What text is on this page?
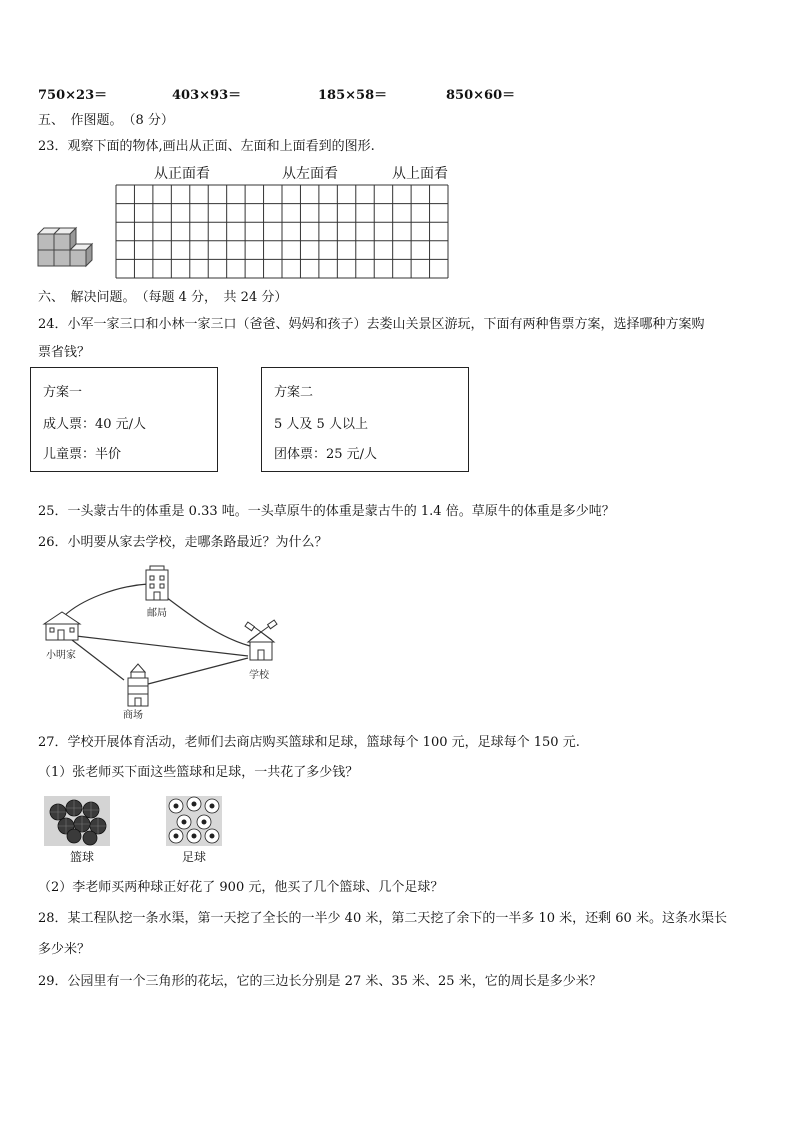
750×23＝	403×93＝	185×58＝	850×60＝
五、　作图题。　（8 分）
23．观察下面的物体,画出从正面、左面和上面看到的图形.
从正面看	从左面看	从上面看
六、　解决问题。　（每题 4 分，　共 24 分）
24．小军一家三口和小林一家三口（爸爸、妈妈和孩子）去娄山关景区游玩，下面有两种售票方案，选择哪种方案购
票省钱？
方案一
成人票：40 元/人
儿童票：半价
方案二
5 人及 5 人以上
团体票：25 元/人
25．一头蒙古牛的体重是 0.33 吨。一头草原牛的体重是蒙古牛的 1.4 倍。草原牛的体重是多少吨？
26．小明要从家去学校，走哪条路最近？为什么？
小明家
邮局
学校
商场
27．学校开展体育活动，老师们去商店购买篮球和足球，篮球每个 100 元，足球每个 150 元.
（1）张老师买下面这些篮球和足球，一共花了多少钱？
篮球	足球
（2）李老师买两种球正好花了 900 元，他买了几个篮球、几个足球？
28．某工程队挖一条水渠，第一天挖了全长的一半少 40 米，第二天挖了余下的一半多 10 米，还剩 60 米。这条水渠长
多少米？
29．公园里有一个三角形的花坛，它的三边长分别是 27 米、35 米、25 米，它的周长是多少米？
